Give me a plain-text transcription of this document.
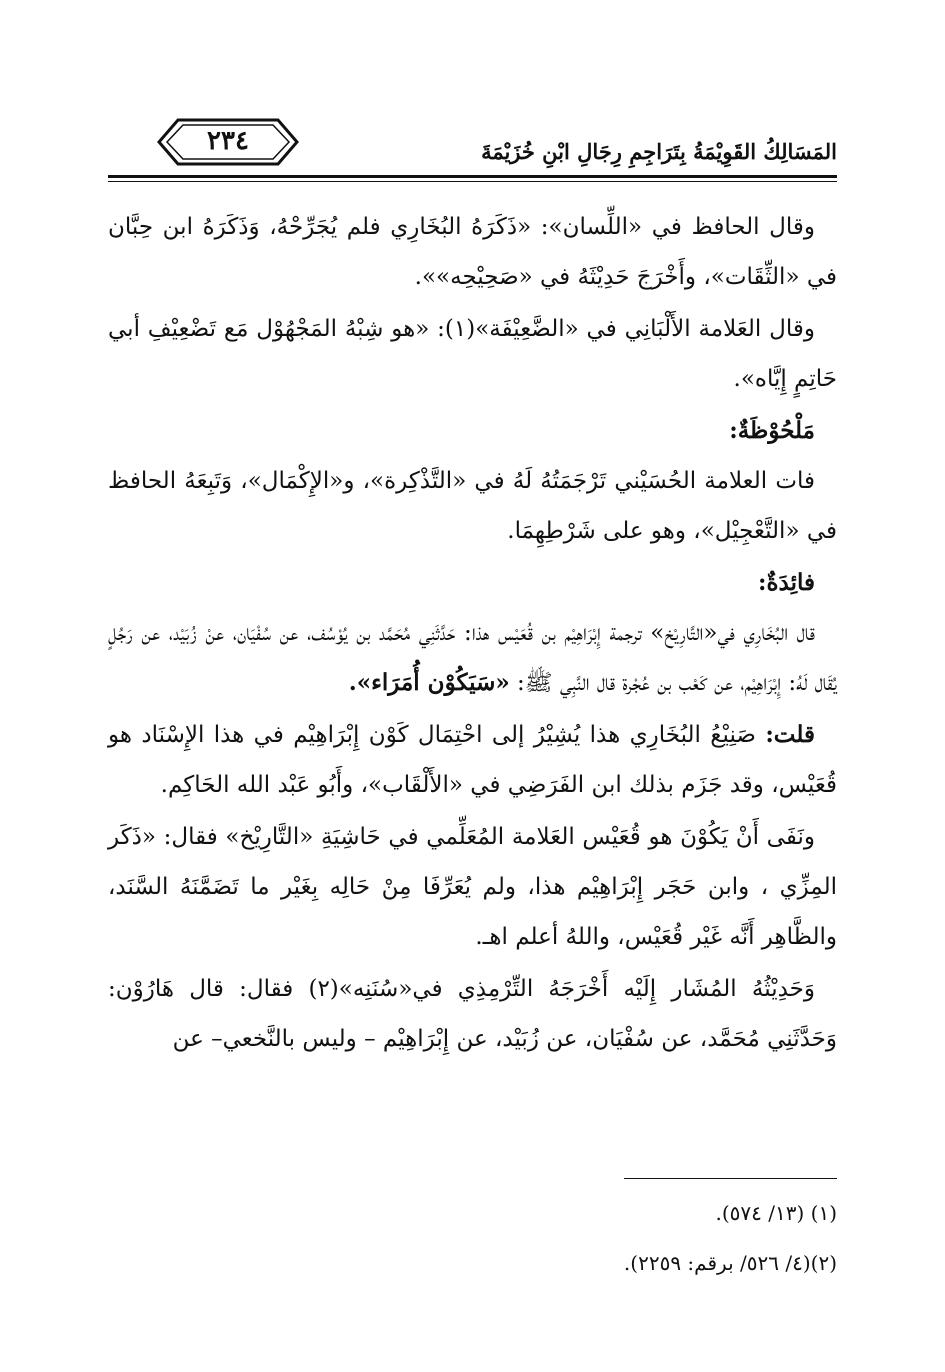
المَسَالِكُ القَوِيْمَةُ بِتَرَاجِمِ رِجَالِ ابْنِ خُزَيْمَةَ
٢٣٤

وقال الحافظ في «اللِّسان»: «ذَكَرَهُ البُخَارِي فلم يُجَرِّحْهُ، وَذَكَرَهُ ابن حِبَّان في «الثِّقَات»، وأَخْرَجَ حَدِيْثَهُ في «صَحِيْحِه»».

وقال العَلامة الأَلْبَانِي في «الضَّعِيْفَة»(١): «هو شِبْهُ المَجْهُوْل مَع تَضْعِيْفِ أبي حَاتِمٍ إِيَّاه».

مَلْحُوْظَةٌ:

فات العلامة الحُسَيْني تَرْجَمَتُهُ لَهُ في «التَّذْكِرة»، و«الإِكْمَال»، وَتَبِعَهُ الحافظ في «التَّعْجِيْل»، وهو على شَرْطِهِمَا.

فائِدَةٌ:

قال البُخَارِي في«التَّارِيْخ» ترجمة إِبْرَاهِيْم بن قُعَيْس هذا: حَدَّثَنِي مُحَمَّد بن يُوْسُف، عن سُفْيَان، عنْ زُبَيْد، عن رَجُلٍ يُقَال لَهُ: إِبْرَاهِيْم، عن كَعْب بن عُجْرة قال النَّبِي ﷺ: «سَيَكُوْن أُمَرَاء».

قلت: صَنِيْعُ البُخَارِي هذا يُشِيْرُ إلى احْتِمَال كَوْن إِبْرَاهِيْم في هذا الإِسْنَاد هو قُعَيْس، وقد جَزَم بذلك ابن الفَرَضِي في «الأَلْقَاب»، وأَبُو عَبْد الله الحَاكِم.

ونَفَى أَنْ يَكُوْنَ هو قُعَيْس العَلامة المُعَلِّمي في حَاشِيَةِ «التَّارِيْخ» فقال: «ذَكَر المِزِّي ، وابن حَجَر إِبْرَاهِيْم هذا، ولم يُعَرِّفَا مِنْ حَالِه بِغَيْر ما تَضَمَّنَهُ السَّنَد، والظَّاهِر أَنَّه غَيْر قُعَيْس، واللهُ أعلم اهـ.

وَحَدِيْثُهُ المُشَار إِلَيْه أَخْرَجَهُ التِّرْمِذِي في«سُنَنِه»(٢) فقال: قال هَارُوْن: وَحَدَّثَنِي مُحَمَّد، عن سُفْيَان، عن زُبَيْد، عن إِبْرَاهِيْم – وليس بالنَّخعي– عن

(١) (١٣/ ٥٧٤).

(٢)(٤/ ٥٢٦/ برقم: ٢٢٥٩).
